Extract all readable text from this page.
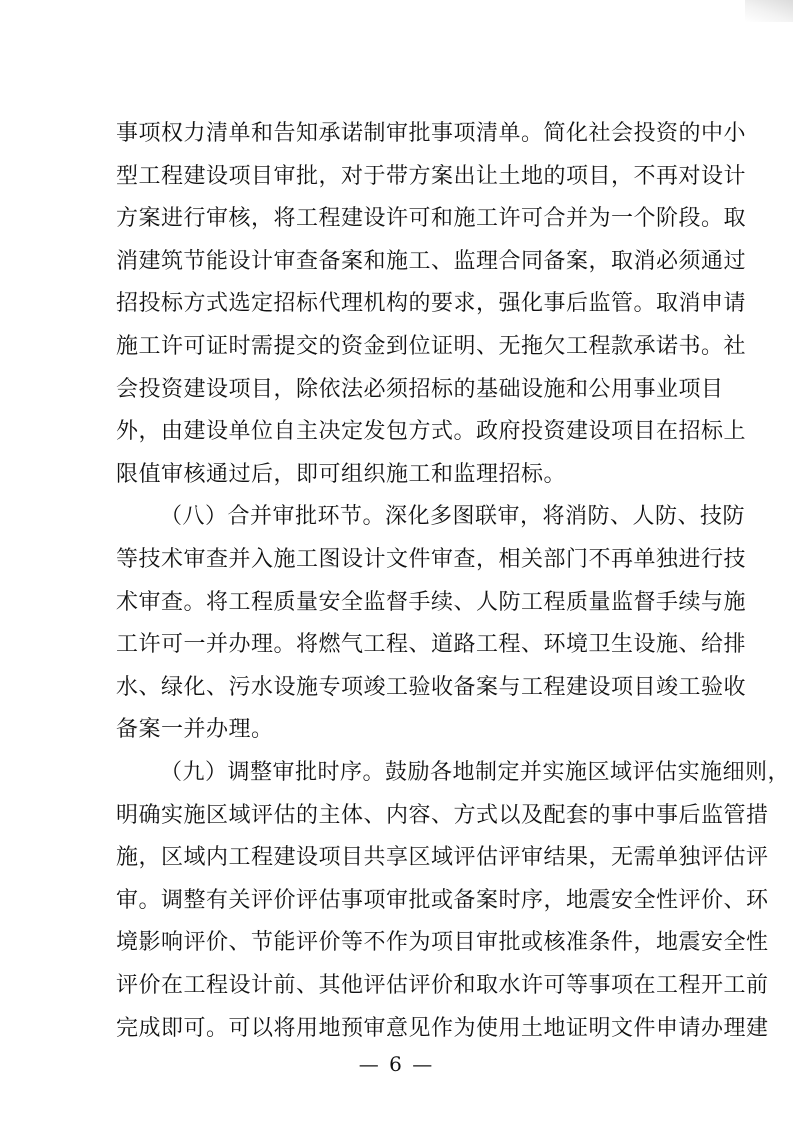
事项权力清单和告知承诺制审批事项清单。简化社会投资的中小
型工程建设项目审批，对于带方案出让土地的项目，不再对设计
方案进行审核，将工程建设许可和施工许可合并为一个阶段。取
消建筑节能设计审查备案和施工、监理合同备案，取消必须通过
招投标方式选定招标代理机构的要求，强化事后监管。取消申请
施工许可证时需提交的资金到位证明、无拖欠工程款承诺书。社
会投资建设项目，除依法必须招标的基础设施和公用事业项目
外，由建设单位自主决定发包方式。政府投资建设项目在招标上
限值审核通过后，即可组织施工和监理招标。
（八）合并审批环节。深化多图联审，将消防、人防、技防
等技术审查并入施工图设计文件审查，相关部门不再单独进行技
术审查。将工程质量安全监督手续、人防工程质量监督手续与施
工许可一并办理。将燃气工程、道路工程、环境卫生设施、给排
水、绿化、污水设施专项竣工验收备案与工程建设项目竣工验收
备案一并办理。
（九）调整审批时序。鼓励各地制定并实施区域评估实施细则，
明确实施区域评估的主体、内容、方式以及配套的事中事后监管措
施，区域内工程建设项目共享区域评估评审结果，无需单独评估评
审。调整有关评价评估事项审批或备案时序，地震安全性评价、环
境影响评价、节能评价等不作为项目审批或核准条件，地震安全性
评价在工程设计前、其他评估评价和取水许可等事项在工程开工前
完成即可。可以将用地预审意见作为使用土地证明文件申请办理建
— 6 —
